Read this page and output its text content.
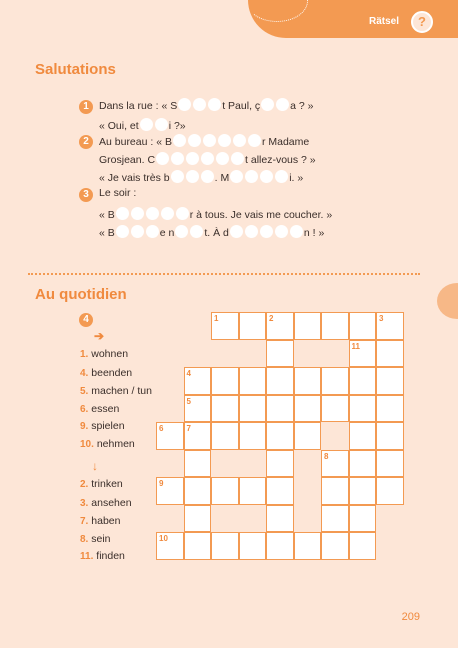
Rätsel	?
Salutations
1 Dans la rue : « S	t Paul, ç	a ? »
« Oui, et	i ?»
2 Au bureau : « B	r Madame
Grosjean. C	t allez-vous ? »
« Je vais très b	. M	i. »
3 Le soir :
« B	r à tous. Je vais me coucher. »
« B	e n	t. À d	n ! »
Au quotidien
4
➔
↓
1. wohnen
4. beenden
5. machen / tun
6. essen
9. spielen
10. nehmen
2. trinken
3. ansehen
7. haben
8. sein
11. finden
1	2	3
11
4
5
6	7
8
9
10
209
